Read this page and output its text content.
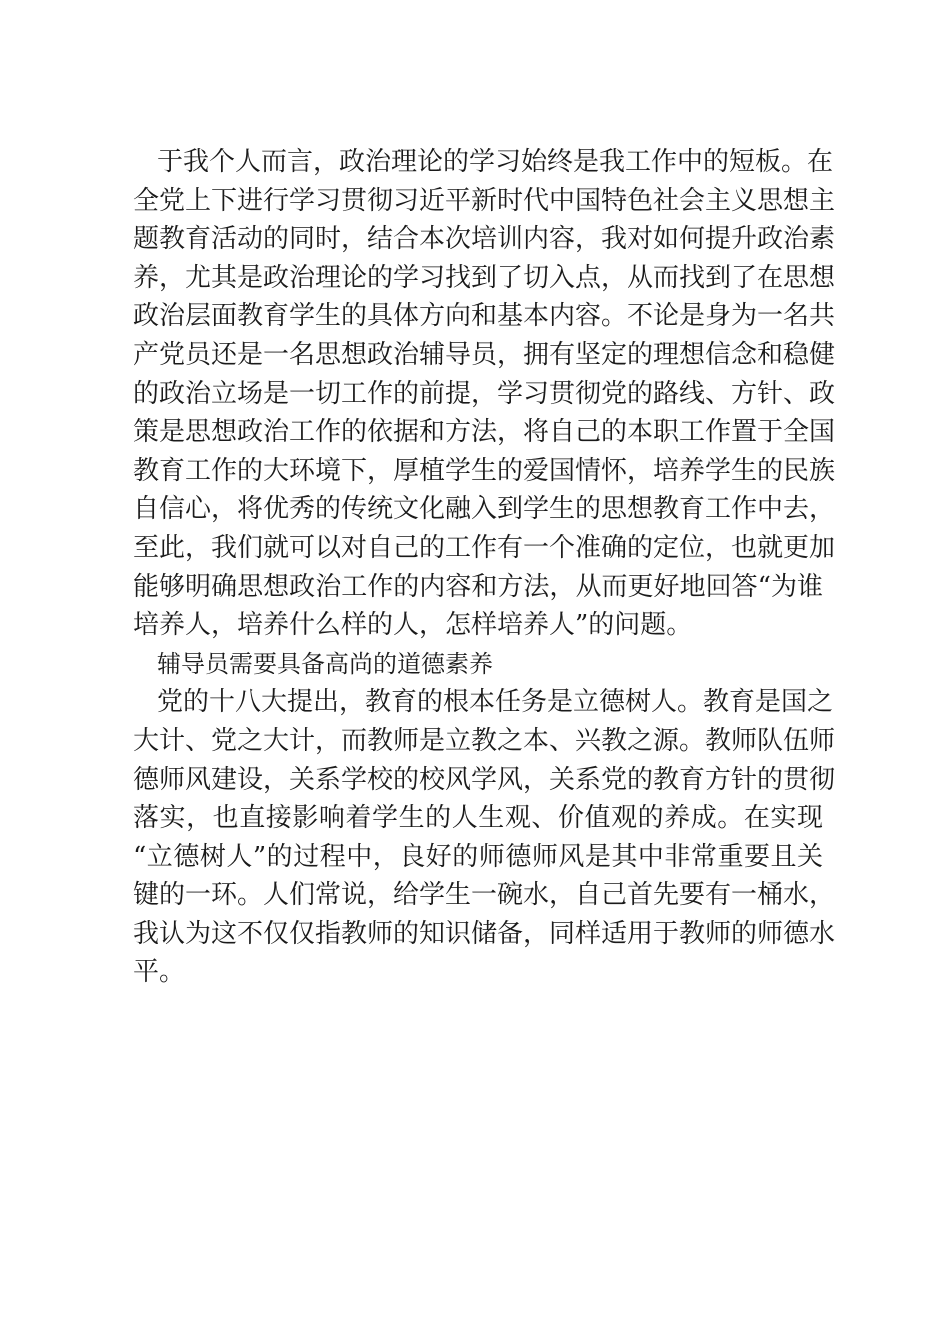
于我个人而言，政治理论的学习始终是我工作中的短板。在
全党上下进行学习贯彻习近平新时代中国特色社会主义思想主
题教育活动的同时，结合本次培训内容，我对如何提升政治素
养，尤其是政治理论的学习找到了切入点，从而找到了在思想
政治层面教育学生的具体方向和基本内容。不论是身为一名共
产党员还是一名思想政治辅导员，拥有坚定的理想信念和稳健
的政治立场是一切工作的前提，学习贯彻党的路线、方针、政
策是思想政治工作的依据和方法，将自己的本职工作置于全国
教育工作的大环境下，厚植学生的爱国情怀，培养学生的民族
自信心，将优秀的传统文化融入到学生的思想教育工作中去，
至此，我们就可以对自己的工作有一个准确的定位，也就更加
能够明确思想政治工作的内容和方法，从而更好地回答“为谁
培养人，培养什么样的人，怎样培养人”的问题。
辅导员需要具备高尚的道德素养
党的十八大提出，教育的根本任务是立德树人。教育是国之
大计、党之大计，而教师是立教之本、兴教之源。教师队伍师
德师风建设，关系学校的校风学风，关系党的教育方针的贯彻
落实，也直接影响着学生的人生观、价值观的养成。在实现
“立德树人”的过程中，良好的师德师风是其中非常重要且关
键的一环。人们常说，给学生一碗水，自己首先要有一桶水，
我认为这不仅仅指教师的知识储备，同样适用于教师的师德水
平。
